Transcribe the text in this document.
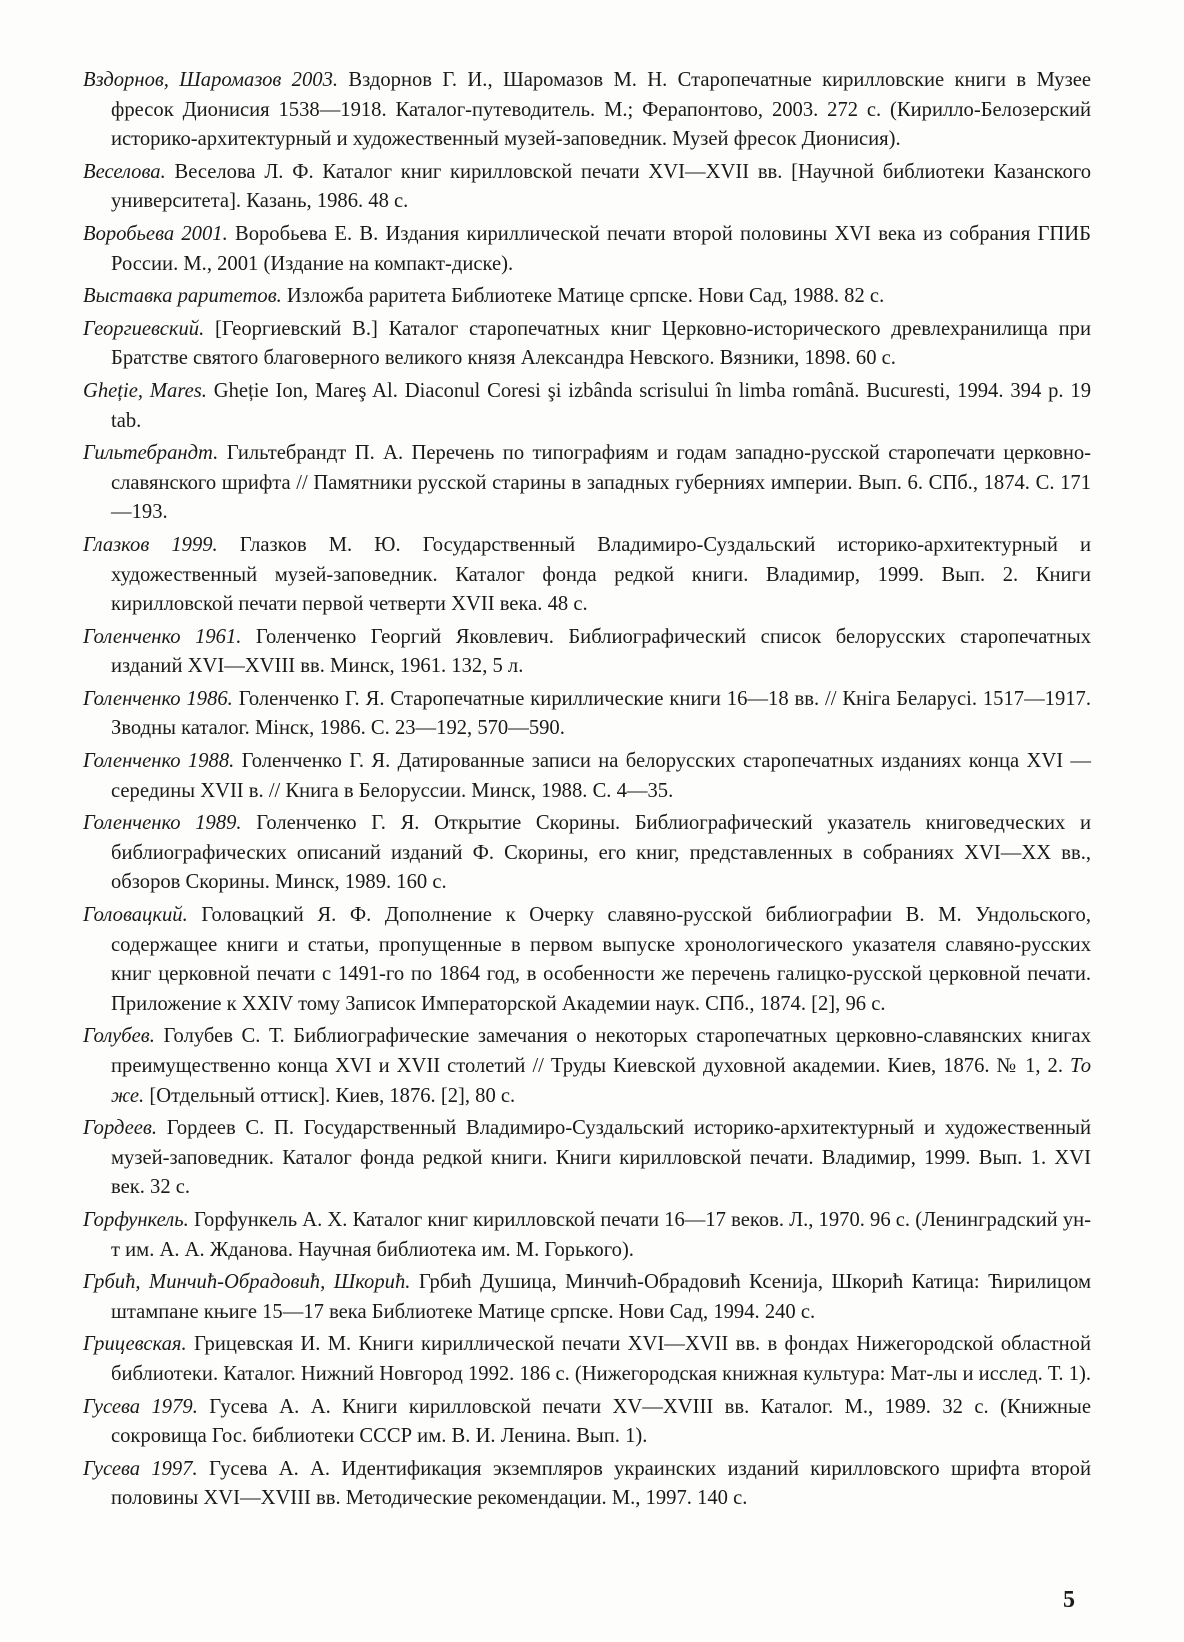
Вздорнов, Шаромазов 2003. Вздорнов Г. И., Шаромазов М. Н. Старопечатные кирилловские книги в Музее фресок Дионисия 1538—1918. Каталог-путеводитель. М.; Ферапонтово, 2003. 272 с. (Кирилло-Белозерский историко-архитектурный и художественный музей-заповедник. Музей фресок Дионисия).

Веселова. Веселова Л. Ф. Каталог книг кирилловской печати XVI—XVII вв. [Научной библиотеки Казанского университета]. Казань, 1986. 48 с.

Воробьева 2001. Воробьева Е. В. Издания кириллической печати второй половины XVI века из собрания ГПИБ России. М., 2001 (Издание на компакт-диске).

Выставка раритетов. Изложба раритета Библиотеке Матице српске. Нови Сад, 1988. 82 с.

Георгиевский. [Георгиевский В.] Каталог старопечатных книг Церковно-исторического древлехранилища при Братстве святого благоверного великого князя Александра Невского. Вязники, 1898. 60 с.

Gheție, Mares. Gheție Ion, Mareş Al. Diaconul Coresi şi izbânda scrisului în limba română. Bucuresti, 1994. 394 p. 19 tab.

Гильтебрандт. Гильтебрандт П. А. Перечень по типографиям и годам западно-русской старопечати церковно-славянского шрифта // Памятники русской старины в западных губерниях империи. Вып. 6. СПб., 1874. С. 171—193.

Глазков 1999. Глазков М. Ю. Государственный Владимиро-Суздальский историко-архитектурный и художественный музей-заповедник. Каталог фонда редкой книги. Владимир, 1999. Вып. 2. Книги кирилловской печати первой четверти XVII века. 48 с.

Голенченко 1961. Голенченко Георгий Яковлевич. Библиографический список белорусских старопечатных изданий XVI—XVIII вв. Минск, 1961. 132, 5 л.

Голенченко 1986. Голенченко Г. Я. Старопечатные кириллические книги 16—18 вв. // Кніга Беларусі. 1517—1917. Зводны каталог. Мінск, 1986. С. 23—192, 570—590.

Голенченко 1988. Голенченко Г. Я. Датированные записи на белорусских старопечатных изданиях конца XVI — середины XVII в. // Книга в Белоруссии. Минск, 1988. С. 4—35.

Голенченко 1989. Голенченко Г. Я. Открытие Скорины. Библиографический указатель книговедческих и библиографических описаний изданий Ф. Скорины, его книг, представленных в собраниях XVI—XX вв., обзоров Скорины. Минск, 1989. 160 с.

Головацкий. Головацкий Я. Ф. Дополнение к Очерку славяно-русской библиографии В. М. Ундольского, содержащее книги и статьи, пропущенные в первом выпуске хронологического указателя славяно-русских книг церковной печати с 1491-го по 1864 год, в особенности же перечень галицко-русской церковной печати. Приложение к XXIV тому Записок Императорской Академии наук. СПб., 1874. [2], 96 с.

Голубев. Голубев С. Т. Библиографические замечания о некоторых старопечатных церковно-славянских книгах преимущественно конца XVI и XVII столетий // Труды Киевской духовной академии. Киев, 1876. № 1, 2. То же. [Отдельный оттиск]. Киев, 1876. [2], 80 с.

Гордеев. Гордеев С. П. Государственный Владимиро-Суздальский историко-архитектурный и художественный музей-заповедник. Каталог фонда редкой книги. Книги кирилловской печати. Владимир, 1999. Вып. 1. XVI век. 32 с.

Горфункель. Горфункель А. Х. Каталог книг кирилловской печати 16—17 веков. Л., 1970. 96 с. (Ленинградский ун-т им. А. А. Жданова. Научная библиотека им. М. Горького).

Грбић, Минчић-Обрадовић, Шкорић. Грбић Душица, Минчић-Обрадовић Ксенија, Шкорић Катица: Ћирилицом штампане књиге 15—17 века Библиотеке Матице српске. Нови Сад, 1994. 240 с.

Грицевская. Грицевская И. М. Книги кириллической печати XVI—XVII вв. в фондах Нижегородской областной библиотеки. Каталог. Нижний Новгород 1992. 186 с. (Нижегородская книжная культура: Мат-лы и исслед. Т. 1).

Гусева 1979. Гусева А. А. Книги кирилловской печати XV—XVIII вв. Каталог. М., 1989. 32 с. (Книжные сокровища Гос. библиотеки СССР им. В. И. Ленина. Вып. 1).

Гусева 1997. Гусева А. А. Идентификация экземпляров украинских изданий кирилловского шрифта второй половины XVI—XVIII вв. Методические рекомендации. М., 1997. 140 с.

5
